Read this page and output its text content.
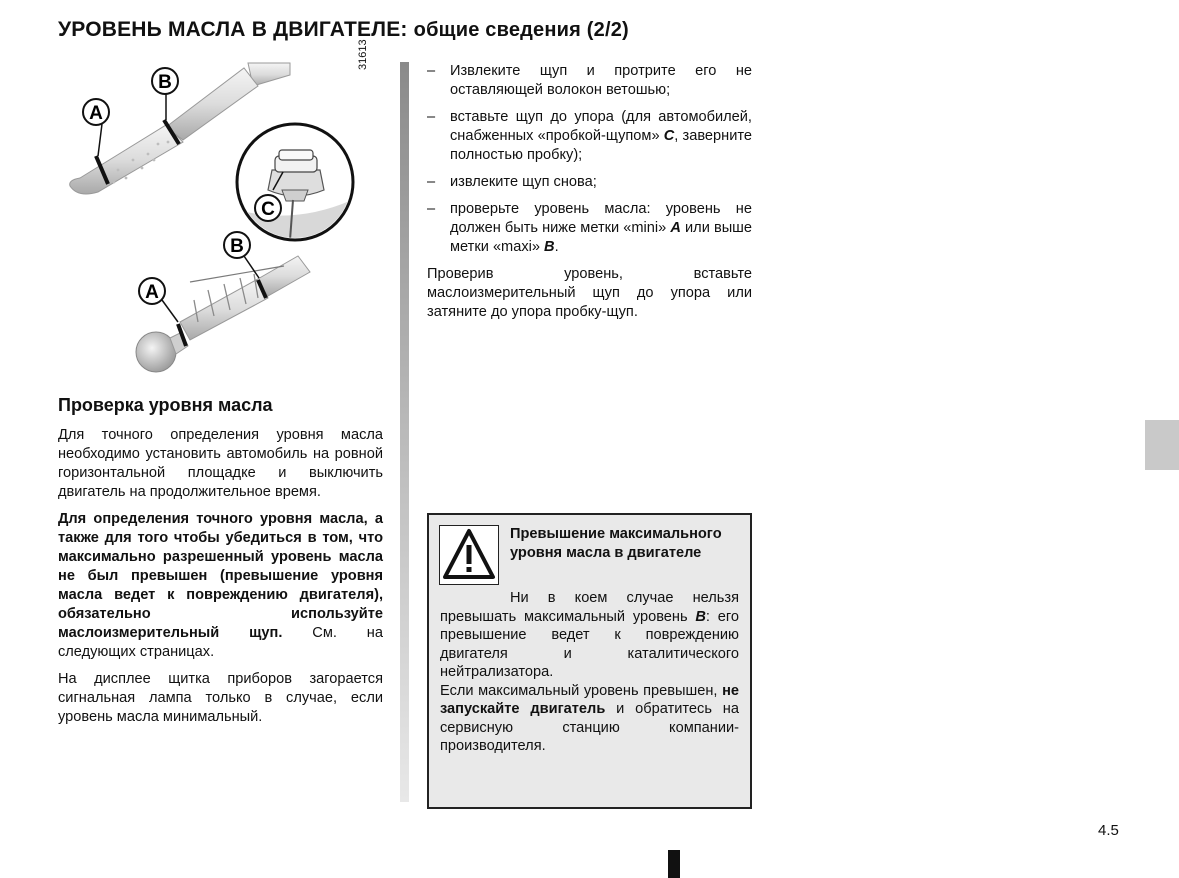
УРОВЕНЬ МАСЛА В ДВИГАТЕЛЕ: общие сведения (2/2)
A
B
C
B
A
31613
Проверка уровня масла

Для точного определения уровня масла необходимо установить автомобиль на ровной горизонтальной площадке и выключить двигатель на продолжительное время.

Для определения точного уровня масла, а также для того чтобы убедиться в том, что максимально разрешенный уровень масла не был превышен (превышение уровня масла ведет к повреждению двигателя), обязательно используйте маслоизмерительный щуп. См. на следующих страницах.

На дисплее щитка приборов загорается сигнальная лампа только в случае, если уровень масла минимальный.

– Извлеките щуп и протрите его не оставляющей волокон ветошью;
– вставьте щуп до упора (для автомобилей, снабженных «пробкой-щупом» C, заверните полностью пробку);
– извлеките щуп снова;
– проверьте уровень масла: уровень не должен быть ниже метки «mini» A или выше метки «maxi» B.

Проверив уровень, вставьте маслоизмерительный щуп до упора или затяните до упора пробку-щуп.

Превышение максимального уровня масла в двигателе

Ни в коем случае нельзя превышать максимальный уровень B: его превышение ведет к повреждению двигателя и каталитического нейтрализатора.

Если максимальный уровень превышен, не запускайте двигатель и обратитесь на сервисную станцию компании-производителя.

4.5
